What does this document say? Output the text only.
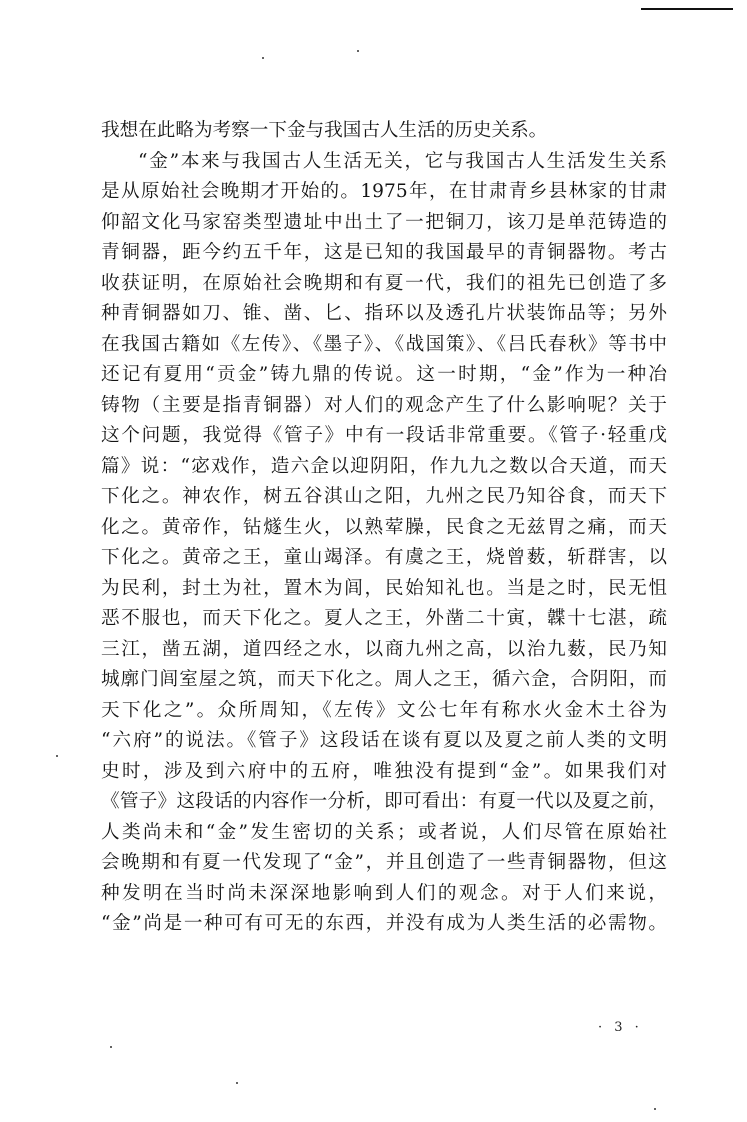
我想在此略为考察一下金与我国古人生活的历史关系。
“金”本来与我国古人生活无关，它与我国古人生活发生关系
是从原始社会晚期才开始的。1975年，在甘肃青乡县林家的甘肃
仰韶文化马家窑类型遗址中出土了一把铜刀，该刀是单范铸造的
青铜器，距今约五千年，这是已知的我国最早的青铜器物。考古
收获证明，在原始社会晚期和有夏一代，我们的祖先已创造了多
种青铜器如刀、锥、凿、匕、指环以及透孔片状装饰品等；另外
在我国古籍如《左传》、《墨子》、《战国策》、《吕氏春秋》等书中
还记有夏用“贡金”铸九鼎的传说。这一时期，“金”作为一种冶
铸物（主要是指青铜器）对人们的观念产生了什么影响呢？关于
这个问题，我觉得《管子》中有一段话非常重要。《管子·轻重戊
篇》说：“宓戏作，造六佱以迎阴阳，作九九之数以合天道，而天
下化之。神农作，树五谷淇山之阳，九州之民乃知谷食，而天下
化之。黄帝作，钻燧生火，以熟荤臊，民食之无兹胃之痛，而天
下化之。黄帝之王，童山竭泽。有虞之王，烧曾薮，斩群害，以
为民利，封土为社，置木为闾，民始知礼也。当是之时，民无怚
恶不服也，而天下化之。夏人之王，外凿二十寅，韘十七湛，疏
三江，凿五湖，道四经之水，以商九州之高，以治九薮，民乃知
城廓门闾室屋之筑，而天下化之。周人之王，循六佱，合阴阳，而
天下化之”。众所周知，《左传》文公七年有称水火金木土谷为
“六府”的说法。《管子》这段话在谈有夏以及夏之前人类的文明
史时，涉及到六府中的五府，唯独没有提到“金”。如果我们对
《管子》这段话的内容作一分析，即可看出：有夏一代以及夏之前，
人类尚未和“金”发生密切的关系；或者说，人们尽管在原始社
会晚期和有夏一代发现了“金”，并且创造了一些青铜器物，但这
种发明在当时尚未深深地影响到人们的观念。对于人们来说，
“金”尚是一种可有可无的东西，并没有成为人类生活的必需物。
· 3 ·
